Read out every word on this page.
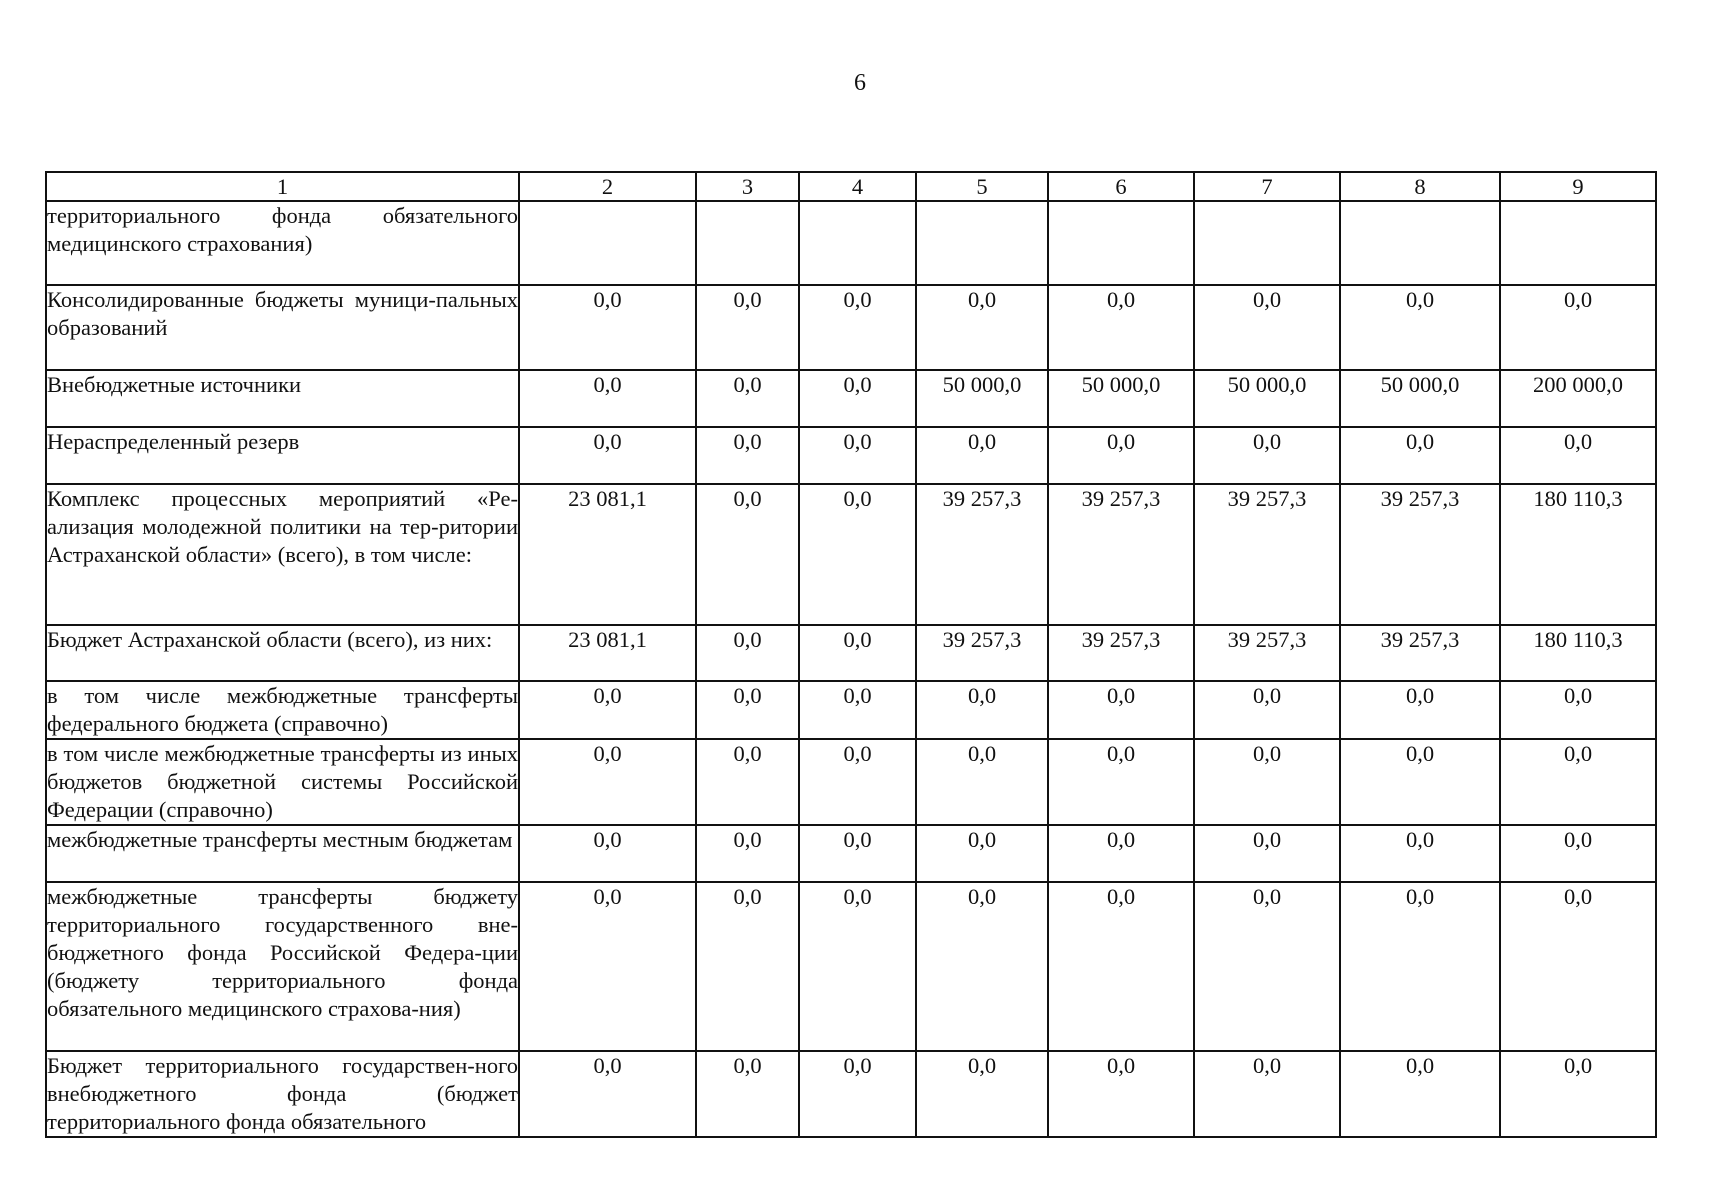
6
1	2	3	4	5	6	7	8	9
территориального фонда обязательного медицинского страхования)								
Консолидированные бюджеты муници-пальных образований	0,0	0,0	0,0	0,0	0,0	0,0	0,0	0,0
Внебюджетные источники	0,0	0,0	0,0	50 000,0	50 000,0	50 000,0	50 000,0	200 000,0
Нераспределенный резерв	0,0	0,0	0,0	0,0	0,0	0,0	0,0	0,0
Комплекс процессных мероприятий «Ре-ализация молодежной политики на тер-ритории Астраханской области» (всего), в том числе:	23 081,1	0,0	0,0	39 257,3	39 257,3	39 257,3	39 257,3	180 110,3
Бюджет Астраханской области (всего), из них:	23 081,1	0,0	0,0	39 257,3	39 257,3	39 257,3	39 257,3	180 110,3
в том числе межбюджетные трансферты федерального бюджета (справочно)	0,0	0,0	0,0	0,0	0,0	0,0	0,0	0,0
в том числе межбюджетные трансферты из иных бюджетов бюджетной системы Российской Федерации (справочно)	0,0	0,0	0,0	0,0	0,0	0,0	0,0	0,0
межбюджетные трансферты местным бюджетам	0,0	0,0	0,0	0,0	0,0	0,0	0,0	0,0
межбюджетные трансферты бюджету территориального государственного вне-бюджетного фонда Российской Федера-ции (бюджету территориального фонда обязательного медицинского страхова-ния)	0,0	0,0	0,0	0,0	0,0	0,0	0,0	0,0
Бюджет территориального государствен-ного внебюджетного фонда (бюджет территориального фонда обязательного	0,0	0,0	0,0	0,0	0,0	0,0	0,0	0,0
